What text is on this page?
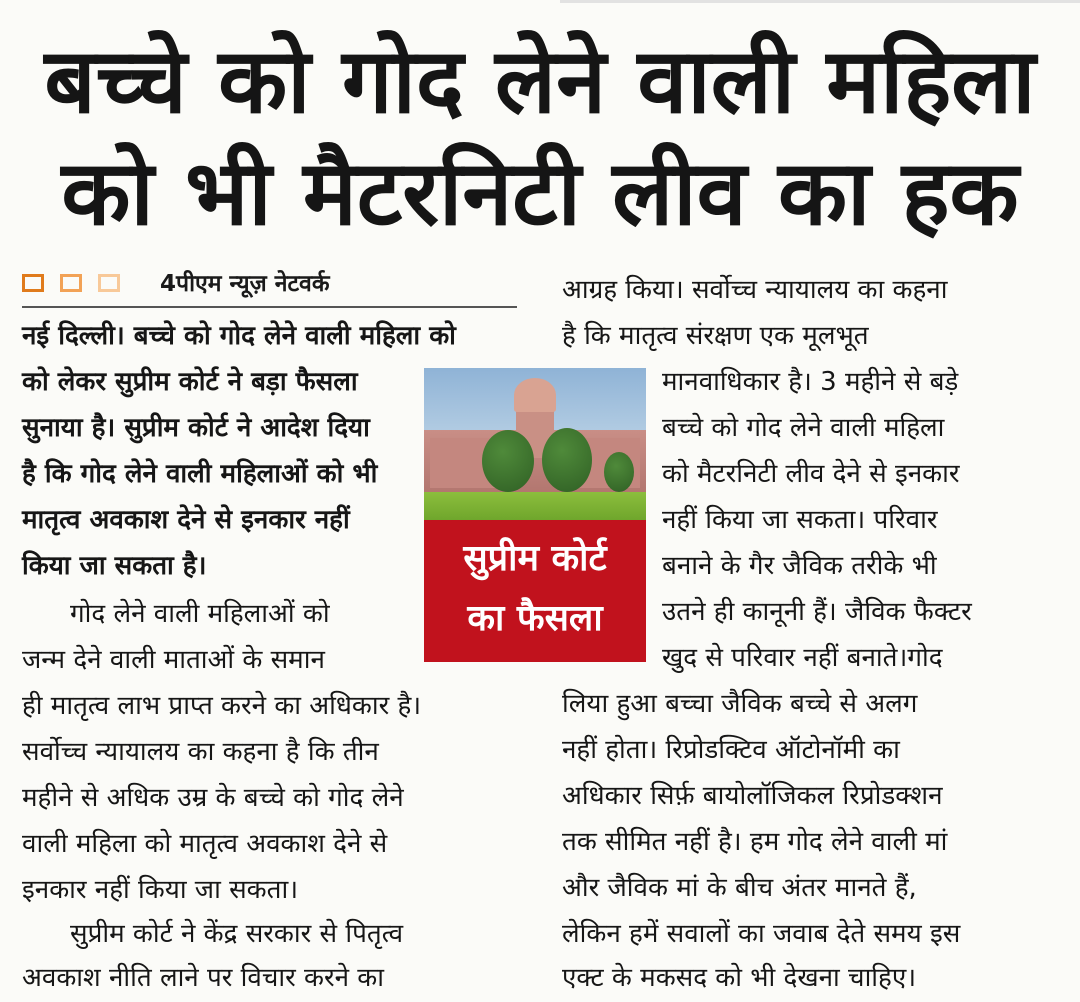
बच्चे को गोद लेने वाली महिला
को भी मैटरनिटी लीव का हक
4पीएम न्यूज़ नेटवर्क

नई दिल्ली। बच्चे को गोद लेने वाली महिला को

को लेकर सुप्रीम कोर्ट ने बड़ा फैसला

सुनाया है। सुप्रीम कोर्ट ने आदेश दिया

है कि गोद लेने वाली महिलाओं को भी

मातृत्व अवकाश देने से इनकार नहीं

किया जा सकता है।

गोद लेने वाली महिलाओं को

जन्म देने वाली माताओं के समान

ही मातृत्व लाभ प्राप्त करने का अधिकार है।

सर्वोच्च न्यायालय का कहना है कि तीन

महीने से अधिक उम्र के बच्चे को गोद लेने

वाली महिला को मातृत्व अवकाश देने से

इनकार नहीं किया जा सकता।

सुप्रीम कोर्ट ने केंद्र सरकार से पितृत्व

अवकाश नीति लाने पर विचार करने का

सुप्रीम कोर्ट
का फैसला

आग्रह किया। सर्वोच्च न्यायालय का कहना

है कि मातृत्व संरक्षण एक मूलभूत

मानवाधिकार है। 3 महीने से बड़े

बच्चे को गोद लेने वाली महिला

को मैटरनिटी लीव देने से इनकार

नहीं किया जा सकता। परिवार

बनाने के गैर जैविक तरीके भी

उतने ही कानूनी हैं। जैविक फैक्टर

खुद से परिवार नहीं बनाते।गोद

लिया हुआ बच्चा जैविक बच्चे से अलग

नहीं होता। रिप्रोडक्टिव ऑटोनॉमी का

अधिकार सिर्फ़ बायोलॉजिकल रिप्रोडक्शन

तक सीमित नहीं है। हम गोद लेने वाली मां

और जैविक मां के बीच अंतर मानते हैं,

लेकिन हमें सवालों का जवाब देते समय इस

एक्ट के मकसद को भी देखना चाहिए।
